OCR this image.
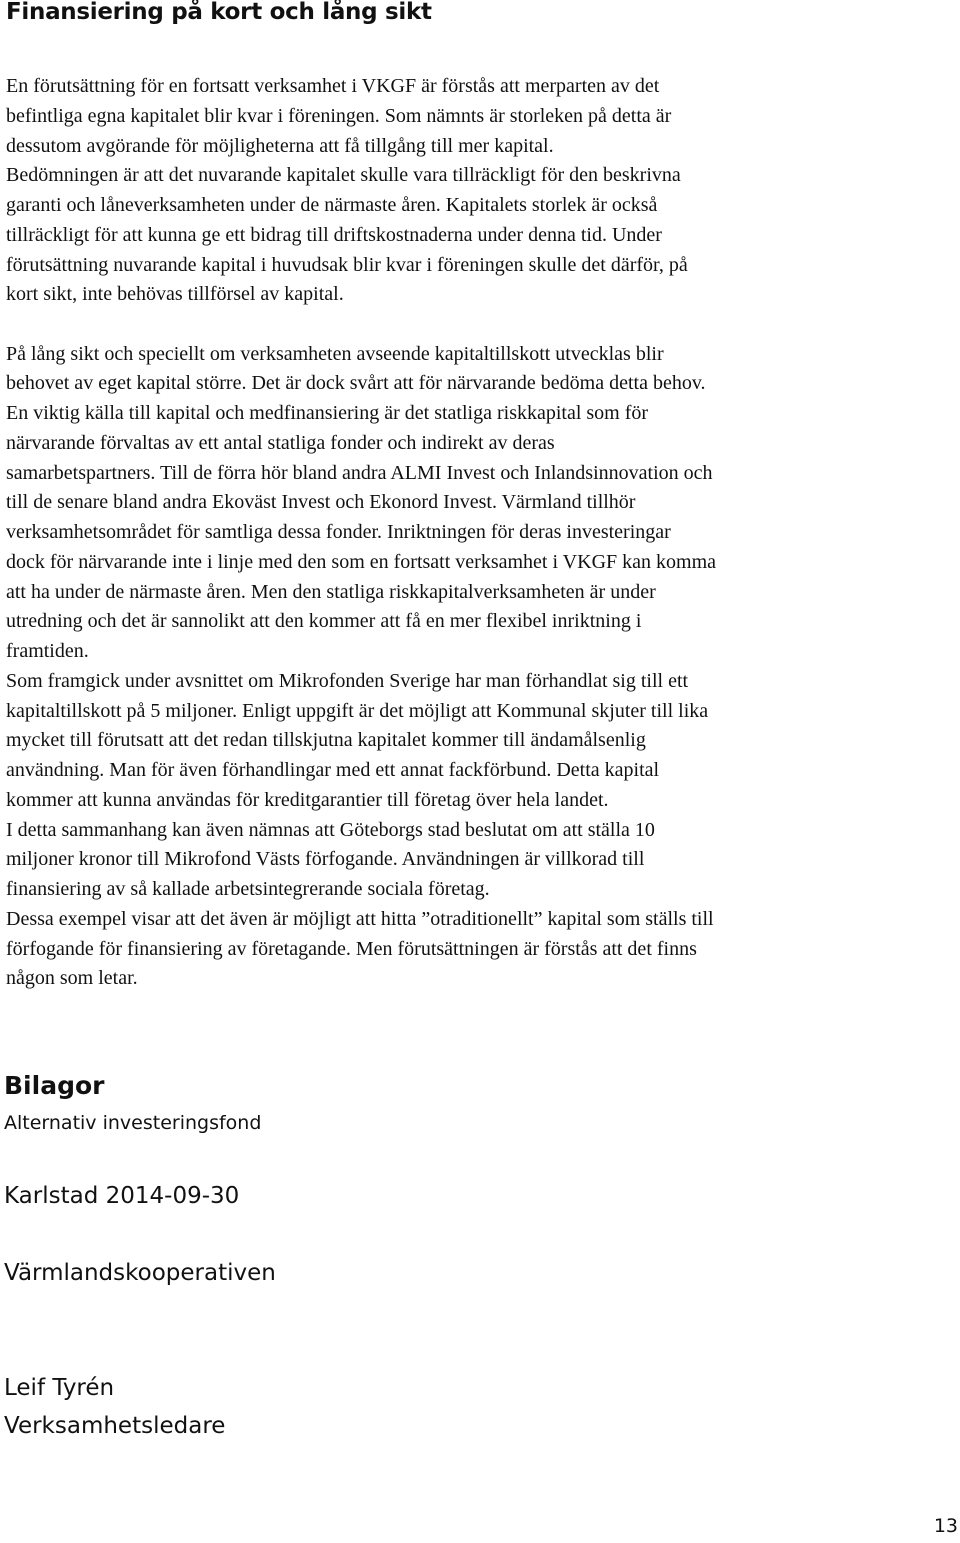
Finansiering på kort och lång sikt

En förutsättning för en fortsatt verksamhet i VKGF är förstås att merparten av det
befintliga egna kapitalet blir kvar i föreningen. Som nämnts är storleken på detta är
dessutom avgörande för möjligheterna att få tillgång till mer kapital.
Bedömningen är att det nuvarande kapitalet skulle vara tillräckligt för den beskrivna
garanti och låneverksamheten under de närmaste åren. Kapitalets storlek är också
tillräckligt för att kunna ge ett bidrag till driftskostnaderna under denna tid. Under
förutsättning nuvarande kapital i huvudsak blir kvar i föreningen skulle det därför, på
kort sikt, inte behövas tillförsel av kapital.

På lång sikt och speciellt om verksamheten avseende kapitaltillskott utvecklas blir
behovet av eget kapital större. Det är dock svårt att för närvarande bedöma detta behov.
En viktig källa till kapital och medfinansiering är det statliga riskkapital som för
närvarande förvaltas av ett antal statliga fonder och indirekt av deras
samarbetspartners. Till de förra hör bland andra ALMI Invest och Inlandsinnovation och
till de senare bland andra Ekoväst Invest och Ekonord Invest. Värmland tillhör
verksamhetsområdet för samtliga dessa fonder. Inriktningen för deras investeringar
dock för närvarande inte i linje med den som en fortsatt verksamhet i VKGF kan komma
att ha under de närmaste åren. Men den statliga riskkapitalverksamheten är under
utredning och det är sannolikt att den kommer att få en mer flexibel inriktning i
framtiden.
Som framgick under avsnittet om Mikrofonden Sverige har man förhandlat sig till ett
kapitaltillskott på 5 miljoner. Enligt uppgift är det möjligt att Kommunal skjuter till lika
mycket till förutsatt att det redan tillskjutna kapitalet kommer till ändamålsenlig
användning. Man för även förhandlingar med ett annat fackförbund. Detta kapital
kommer att kunna användas för kreditgarantier till företag över hela landet.
I detta sammanhang kan även nämnas att Göteborgs stad beslutat om att ställa 10
miljoner kronor till Mikrofond Västs förfogande. Användningen är villkorad till
finansiering av så kallade arbetsintegrerande sociala företag.
Dessa exempel visar att det även är möjligt att hitta ”otraditionellt” kapital som ställs till
förfogande för finansiering av företagande. Men förutsättningen är förstås att det finns
någon som letar.

Bilagor
Alternativ investeringsfond
Karlstad 2014-09-30
Värmlandskooperativen
Leif Tyrén
Verksamhetsledare
13
